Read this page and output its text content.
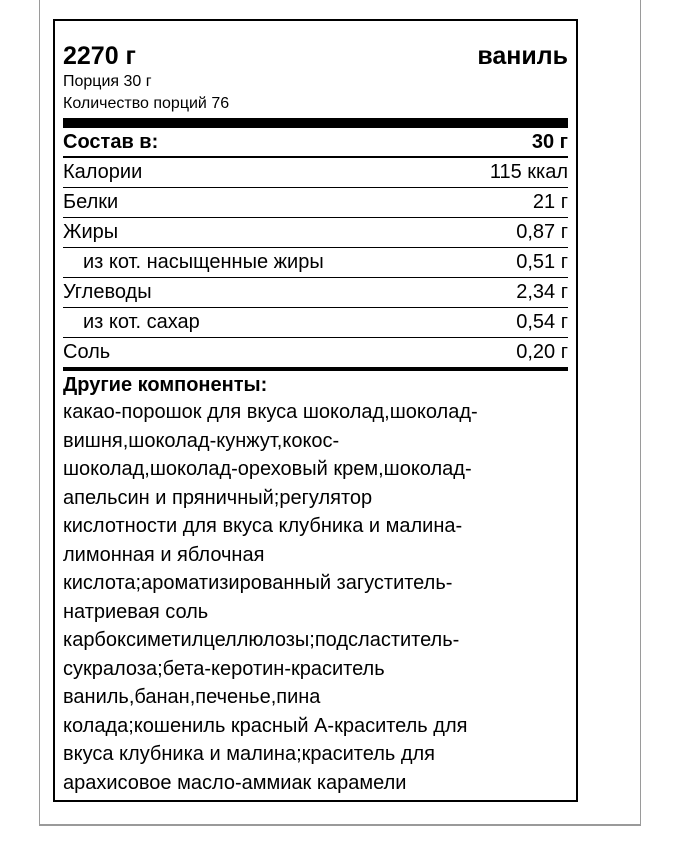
2270 г	ваниль
Порция 30 г
Количество порций 76
Состав в:	30 г
Калории	115 ккал
Белки	21 г
Жиры	0,87 г
из кот. насыщенные жиры	0,51 г
Углеводы	2,34 г
из кот. сахар	0,54 г
Соль	0,20 г
Другие компоненты:
какао-порошок для вкуса шоколад,шоколад-
вишня,шоколад-кунжут,кокос-
шоколад,шоколад-ореховый крем,шоколад-
апельсин и пряничный;регулятор
кислотности для вкуса клубника и малина-
лимонная и яблочная
кислота;ароматизированный загуститель-
натриевая соль
карбоксиметилцеллюлозы;подсластитель-
сукралоза;бета-керотин-краситель
ваниль,банан,печенье,пина
колада;кошениль красный А-краситель для
вкуса клубника и малина;краситель для
арахисовое масло-аммиак карамели
